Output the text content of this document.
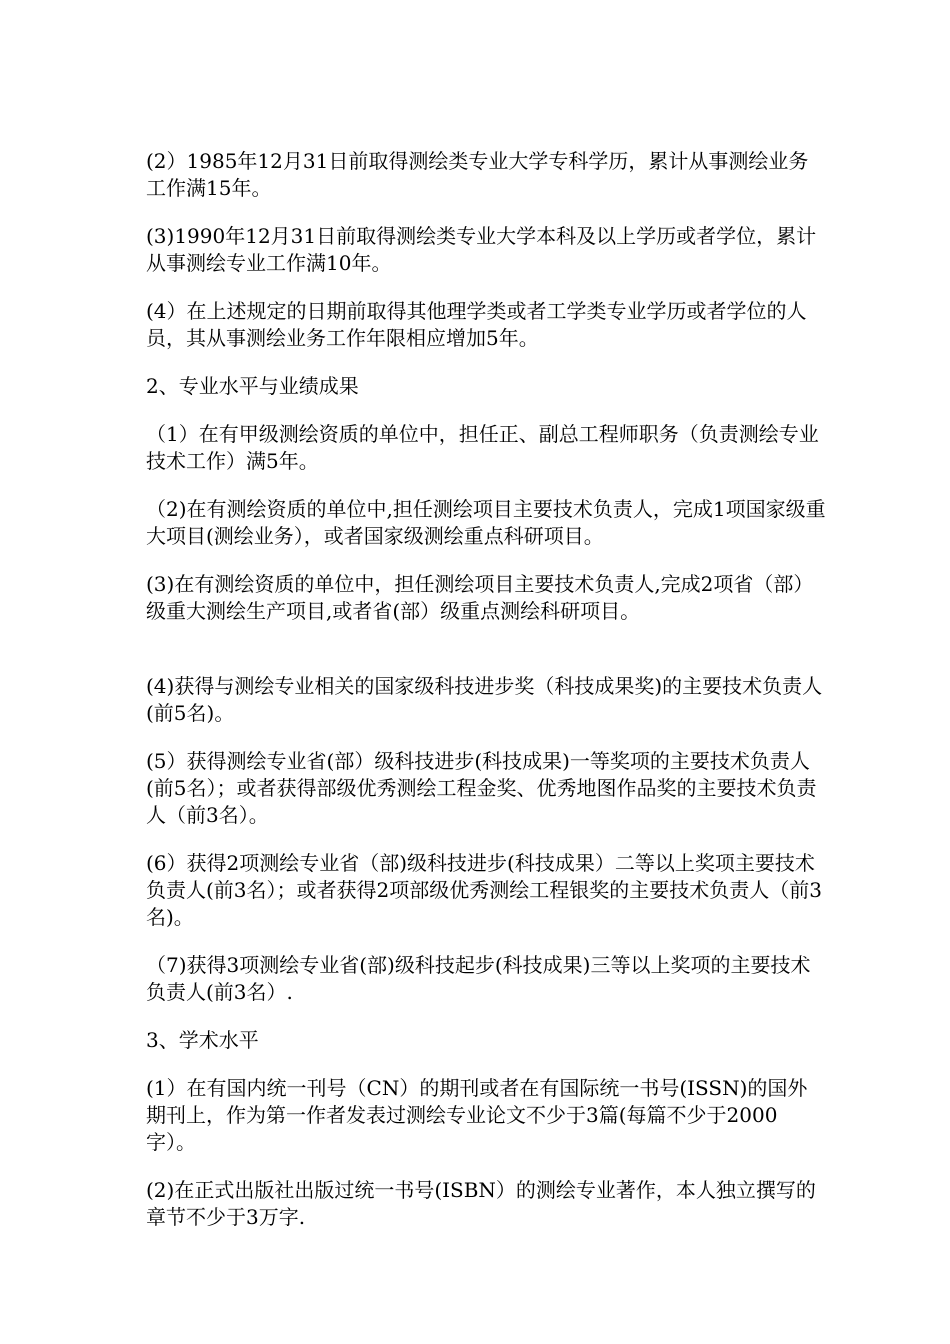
(2）1985年12月31日前取得测绘类专业大学专科学历，累计从事测绘业务工作满15年。

(3)1990年12月31日前取得测绘类专业大学本科及以上学历或者学位，累计从事测绘专业工作满10年。

(4）在上述规定的日期前取得其他理学类或者工学类专业学历或者学位的人员，其从事测绘业务工作年限相应增加5年。

2、专业水平与业绩成果

（1）在有甲级测绘资质的单位中，担任正、副总工程师职务（负责测绘专业技术工作）满5年。

（2)在有测绘资质的单位中,担任测绘项目主要技术负责人，完成1项国家级重大项目(测绘业务），或者国家级测绘重点科研项目。

(3)在有测绘资质的单位中，担任测绘项目主要技术负责人,完成2项省（部）级重大测绘生产项目,或者省(部）级重点测绘科研项目。

(4)获得与测绘专业相关的国家级科技进步奖（科技成果奖)的主要技术负责人(前5名)。

(5）获得测绘专业省(部）级科技进步(科技成果)一等奖项的主要技术负责人(前5名）；或者获得部级优秀测绘工程金奖、优秀地图作品奖的主要技术负责人（前3名）。

(6）获得2项测绘专业省（部)级科技进步(科技成果）二等以上奖项主要技术负责人(前3名）；或者获得2项部级优秀测绘工程银奖的主要技术负责人（前3名)。

（7)获得3项测绘专业省(部)级科技起步(科技成果)三等以上奖项的主要技术负责人(前3名）.

3、学术水平

(1）在有国内统一刊号（CN）的期刊或者在有国际统一书号(ISSN)的国外期刊上，作为第一作者发表过测绘专业论文不少于3篇(每篇不少于2000字）。

(2)在正式出版社出版过统一书号(ISBN）的测绘专业著作，本人独立撰写的章节不少于3万字.
